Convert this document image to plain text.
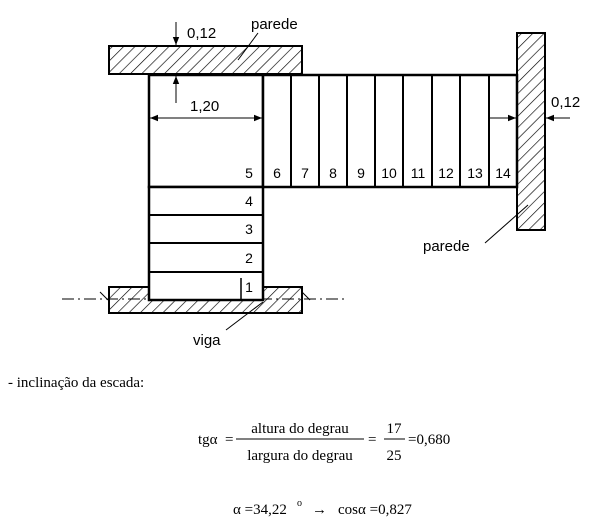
5 6 7 8 9 10 11 12 13 14
4
3
2
1
0,12
parede
parede
viga
1,20	0,12
- inclinação da escada:
tgα =
altura do degrau
largura do degrau
=
17
25
=0,680
α =34,22 o → cosα =0,827
